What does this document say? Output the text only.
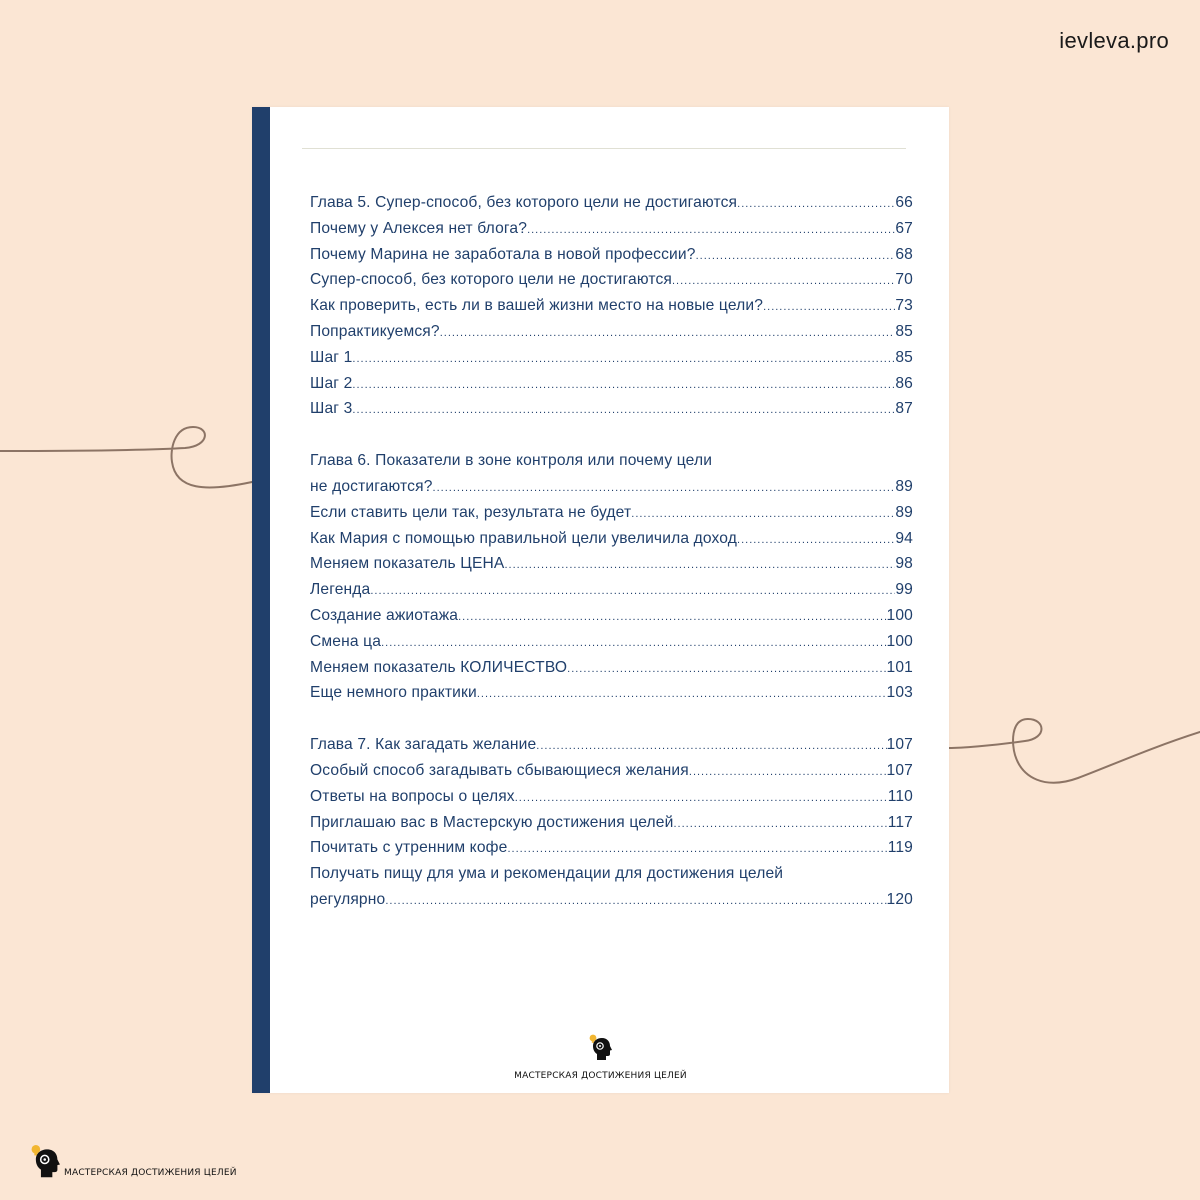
ievleva.pro
Глава 5. Супер-способ, без которого цели не достигаются .....	66
Почему у Алексея нет блога? .....	67
Почему Марина не заработала в новой профессии? .....	68
Супер-способ, без которого цели не достигаются .....	70
Как проверить, есть ли в вашей жизни место на новые цели? .....	73
Попрактикуемся? .....	85
Шаг 1 .....	85
Шаг 2 .....	86
Шаг 3 .....	87
Глава 6. Показатели в зоне контроля или почему цели
не достигаются? .....	89
Если ставить цели так, результата не будет .....	89
Как Мария с помощью правильной цели увеличила доход .....	94
Меняем показатель ЦЕНА .....	98
Легенда .....	99
Создание ажиотажа .....	100
Смена ца .....	100
Меняем показатель КОЛИЧЕСТВО .....	101
Еще немного практики .....	103
Глава 7. Как загадать желание .....	107
Особый способ загадывать сбывающиеся желания .....	107
Ответы на вопросы о целях .....	110
Приглашаю вас в Мастерскую достижения целей .....	117
Почитать с утренним кофе .....	119
Получать пищу для ума и рекомендации для достижения целей
регулярно .....	120
МАСТЕРСКАЯ ДОСТИЖЕНИЯ ЦЕЛЕЙ
МАСТЕРСКАЯ ДОСТИЖЕНИЯ ЦЕЛЕЙ
